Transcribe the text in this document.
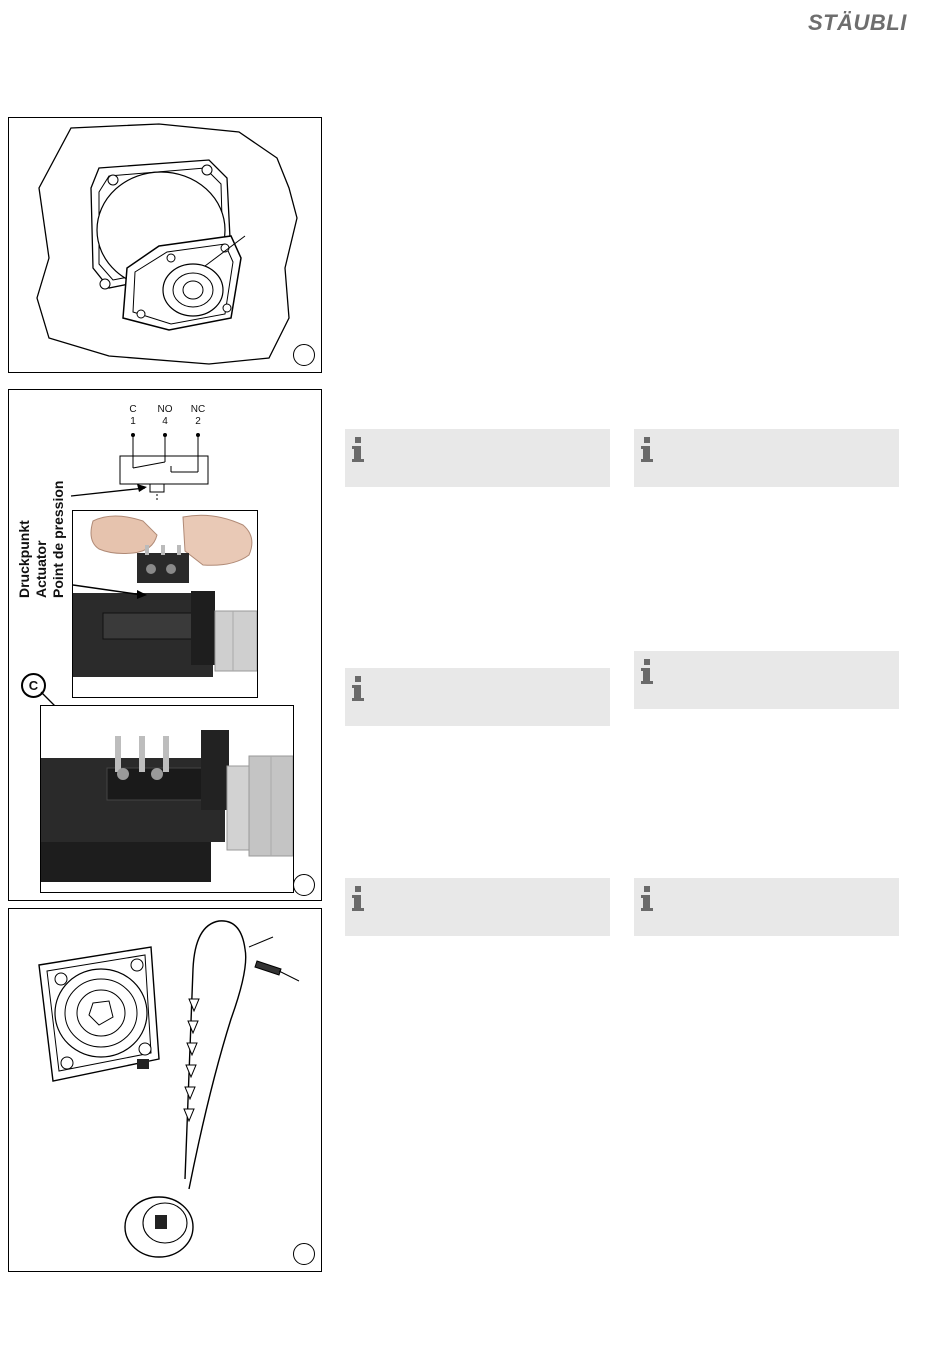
STÄUBLI
C
1
NO
4
NC
2
Druckpunkt Actuator Point de pression
C
